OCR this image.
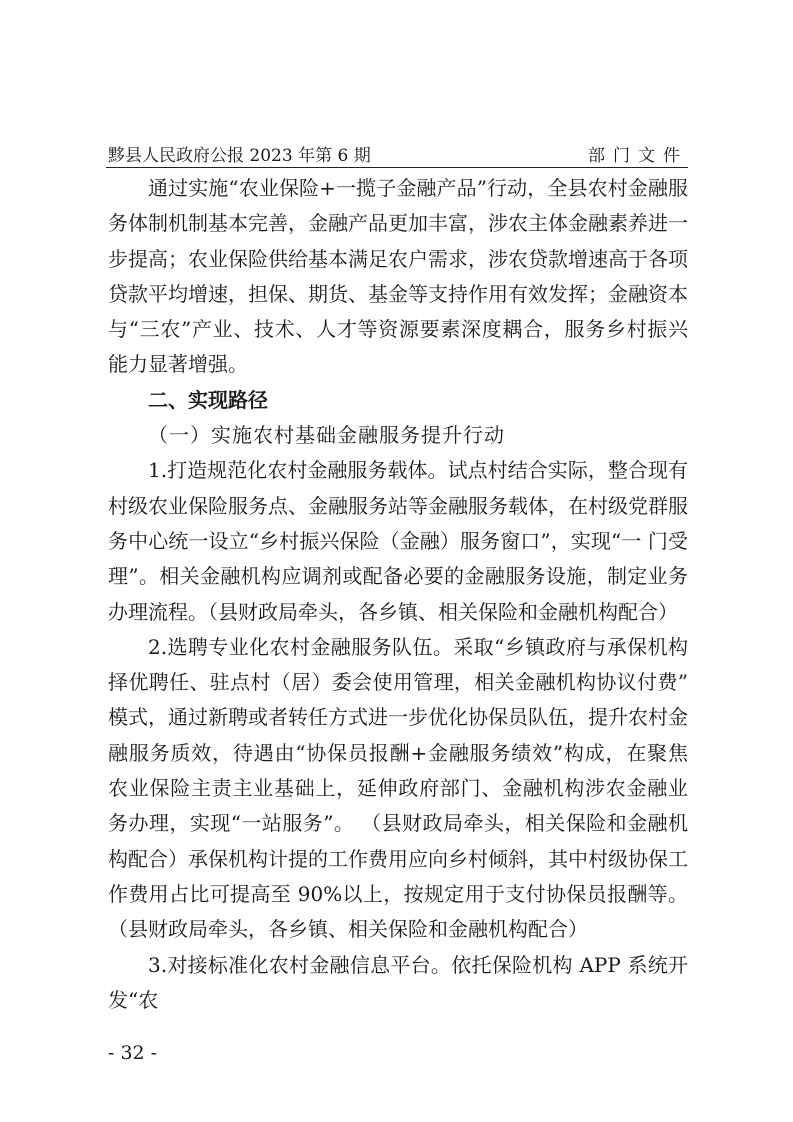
黟县人民政府公报 2023 年第 6 期	部门文件

通过实施“农业保险+一揽子金融产品”行动，全县农村金融服务体制机制基本完善，金融产品更加丰富，涉农主体金融素养进一步提高；农业保险供给基本满足农户需求，涉农贷款增速高于各项贷款平均增速，担保、期货、基金等支持作用有效发挥；金融资本与“三农”产业、技术、人才等资源要素深度耦合，服务乡村振兴能力显著增强。

二、实现路径

（一）实施农村基础金融服务提升行动

1.打造规范化农村金融服务载体。试点村结合实际，整合现有村级农业保险服务点、金融服务站等金融服务载体，在村级党群服务中心统一设立“乡村振兴保险（金融）服务窗口”，实现“一 门受理”。相关金融机构应调剂或配备必要的金融服务设施，制定业务办理流程。（县财政局牵头，各乡镇、相关保险和金融机构配合）

2.选聘专业化农村金融服务队伍。采取“乡镇政府与承保机构择优聘任、驻点村（居）委会使用管理，相关金融机构协议付费” 模式，通过新聘或者转任方式进一步优化协保员队伍，提升农村金融服务质效，待遇由“协保员报酬+金融服务绩效”构成，在聚焦　 农业保险主责主业基础上，延伸政府部门、金融机构涉农金融业　务办理，实现“一站服务”。 （县财政局牵头，相关保险和金融机构配合）承保机构计提的工作费用应向乡村倾斜，其中村级协保工作费用占比可提高至 90%以上，按规定用于支付协保员报酬等。（县财政局牵头，各乡镇、相关保险和金融机构配合）

3.对接标准化农村金融信息平台。依托保险机构 APP 系统开发“农

- 32 -
